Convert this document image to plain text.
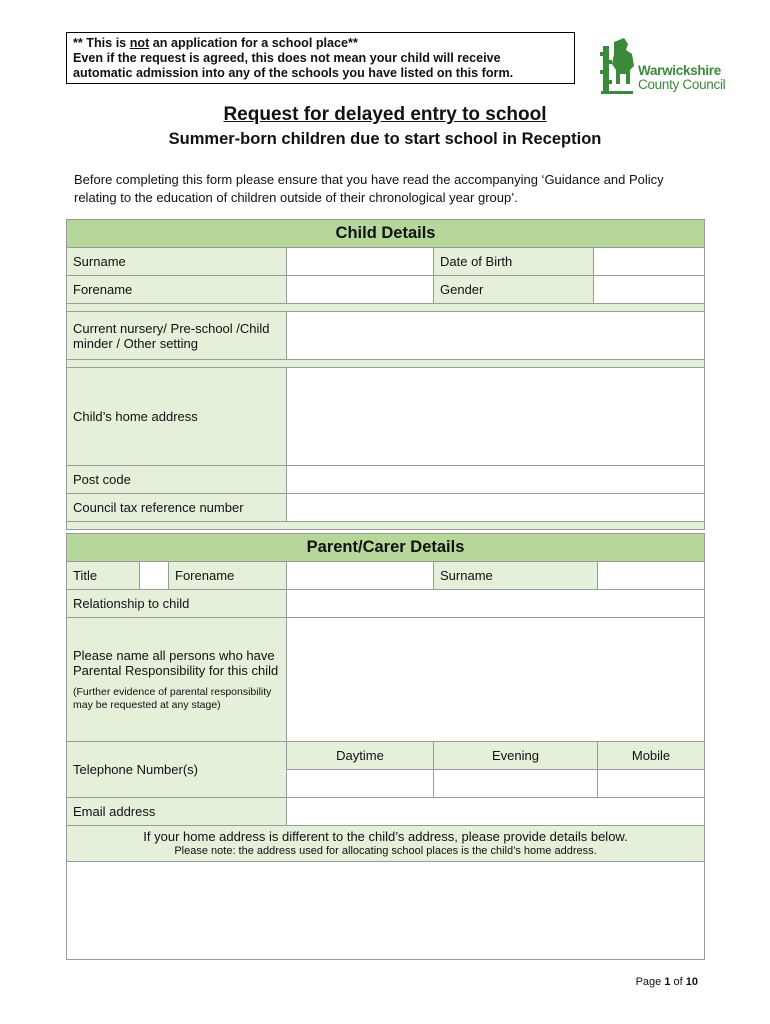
** This is not an application for a school place**
Even if the request is agreed, this does not mean your child will receive
automatic admission into any of the schools you have listed on this form.	Warwickshire
County Council
Request for delayed entry to school
Summer-born children due to start school in Reception
Before completing this form please ensure that you have read the accompanying ‘Guidance and Policy relating to the education of children outside of their chronological year group’.
Child Details			
Surname		Date of Birth	
Forename		Gender	

Current nursery/ Pre-school /Child minder / Other setting			

Child’s home address			
Post code			
Council tax reference number			

Parent/Carer Details					
Title		Forename		Surname	
Relationship to child					
Please name all persons who have Parental Responsibility for this child
(Further evidence of parental responsibility may be requested at any stage)					

Telephone Number(s)			Daytime	Evening	Mobile

Email address					

If your home address is different to the child’s address, please provide details below.
Please note: the address used for allocating school places is the child’s home address.					

Page 1 of 10
